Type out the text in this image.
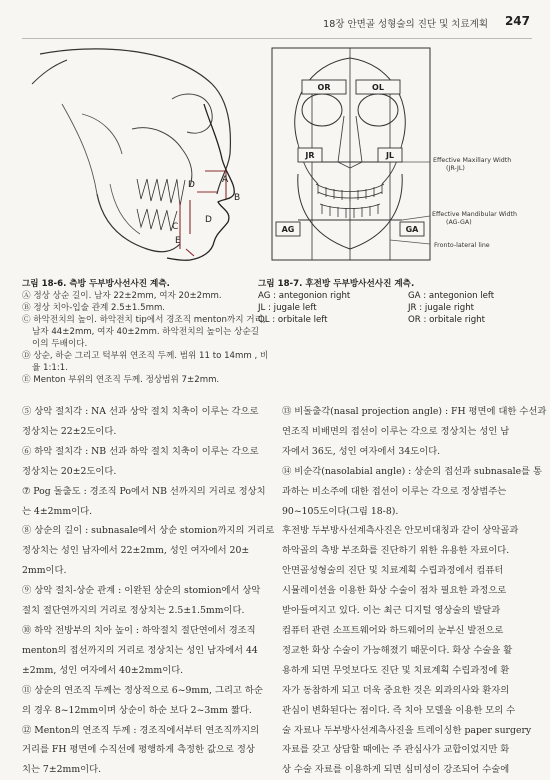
18장 안면골 성형술의 진단 및 치료계획 247
A
B
C
D
D
E
OR	OL
JR	JL
AG	GA
Effective Maxillary Width
(JR-JL)
Effective Mandibular Width
(AG-GA)
Fronto-lateral line
그림 18-6. 측방 두부방사선사진 계측.
Ⓐ 정상 상순 길이. 남자 22±2mm, 여자 20±2mm.
Ⓑ 정상 치아-입술 관계 2.5±1.5mm.
Ⓒ 하악전치의 높이. 하악전치 tip에서 경조직 menton까지 거리,
남자 44±2mm, 여자 40±2mm. 하악전치의 높이는 상순길
이의 두배이다.
Ⓓ 상순, 하순 그리고 턱부위 연조직 두께. 범위 11 to 14mm , 비
율 1:1:1.
Ⓔ Menton 부위의 연조직 두께. 정상범위 7±2mm.
그림 18-7. 후전방 두부방사선사진 계측.
AG : antegonion right	GA : antegonion left
JL : jugale left	JR : jugale right
OL : orbitale left	OR : orbitale right
⑤ 상악 절치각 : NA 선과 상악 절치 치축이 이루는 각으로
정상치는 22±2도이다.
⑥ 하악 절치각 : NB 선과 하악 절치 치축이 이루는 각으로
정상치는 20±2도이다.
⑦ Pog 돌출도 : 경조직 Po에서 NB 선까지의 거리로 정상치
는 4±2mm이다.
⑧ 상순의 길이 : subnasale에서 상순 stomion까지의 거리로
정상치는 성인 남자에서 22±2mm, 성인 여자에서 20±
2mm이다.
⑨ 상악 절치-상순 관계 : 이완된 상순의 stomion에서 상악
절치 절단연까지의 거리로 정상치는 2.5±1.5mm이다.
⑩ 하악 전방부의 치아 높이 : 하악절치 절단연에서 경조직
menton의 접선까지의 거리로 정상치는 성인 남자에서 44
±2mm, 성인 여자에서 40±2mm이다.
⑪ 상순의 연조직 두께는 정상적으로 6~9mm, 그리고 하순
의 경우 8~12mm이며 상순이 하순 보다 2~3mm 짧다.
⑫ Menton의 연조직 두께 : 경조직에서부터 연조직까지의
거리를 FH 평면에 수직선에 평행하게 측정한 값으로 정상
치는 7±2mm이다.
⑬ 비돌출각(nasal projection angle) : FH 평면에 대한 수선과
연조직 비배면의 접선이 이루는 각으로 정상치는 성인 남
자에서 36도, 성인 여자에서 34도이다.
⑭ 비순각(nasolabial angle) : 상순의 접선과 subnasale를 통
과하는 비소주에 대한 접선이 이루는 각으로 정상범주는
90~105도이다(그림 18-8).
후전방 두부방사선계측사진은 안모비대칭과 같이 상악골과
하악골의 측방 부조화를 진단하기 위한 유용한 자료이다.
안면골성형술의 진단 및 치료계획 수립과정에서 컴퓨터
시뮬레이션을 이용한 화상 수술이 점차 필요한 과정으로
받아들여지고 있다. 이는 최근 디지털 영상술의 발달과
컴퓨터 관련 소프트웨어와 하드웨어의 눈부신 발전으로
정교한 화상 수술이 가능해졌기 때문이다. 화상 수술을 활
용하게 되면 무엇보다도 진단 및 치료계획 수립과정에 환
자가 동참하게 되고 더욱 중요한 것은 외과의사와 환자의
관심이 변화된다는 점이다. 즉 치아 모델을 이용한 모의 수
술 자료나 두부방사선계측사진을 트레이싱한 paper surgery
자료를 갖고 상담할 때에는 주 관심사가 교합이었지만 화
상 수술 자료를 이용하게 되면 심미성이 강조되어 수술에
